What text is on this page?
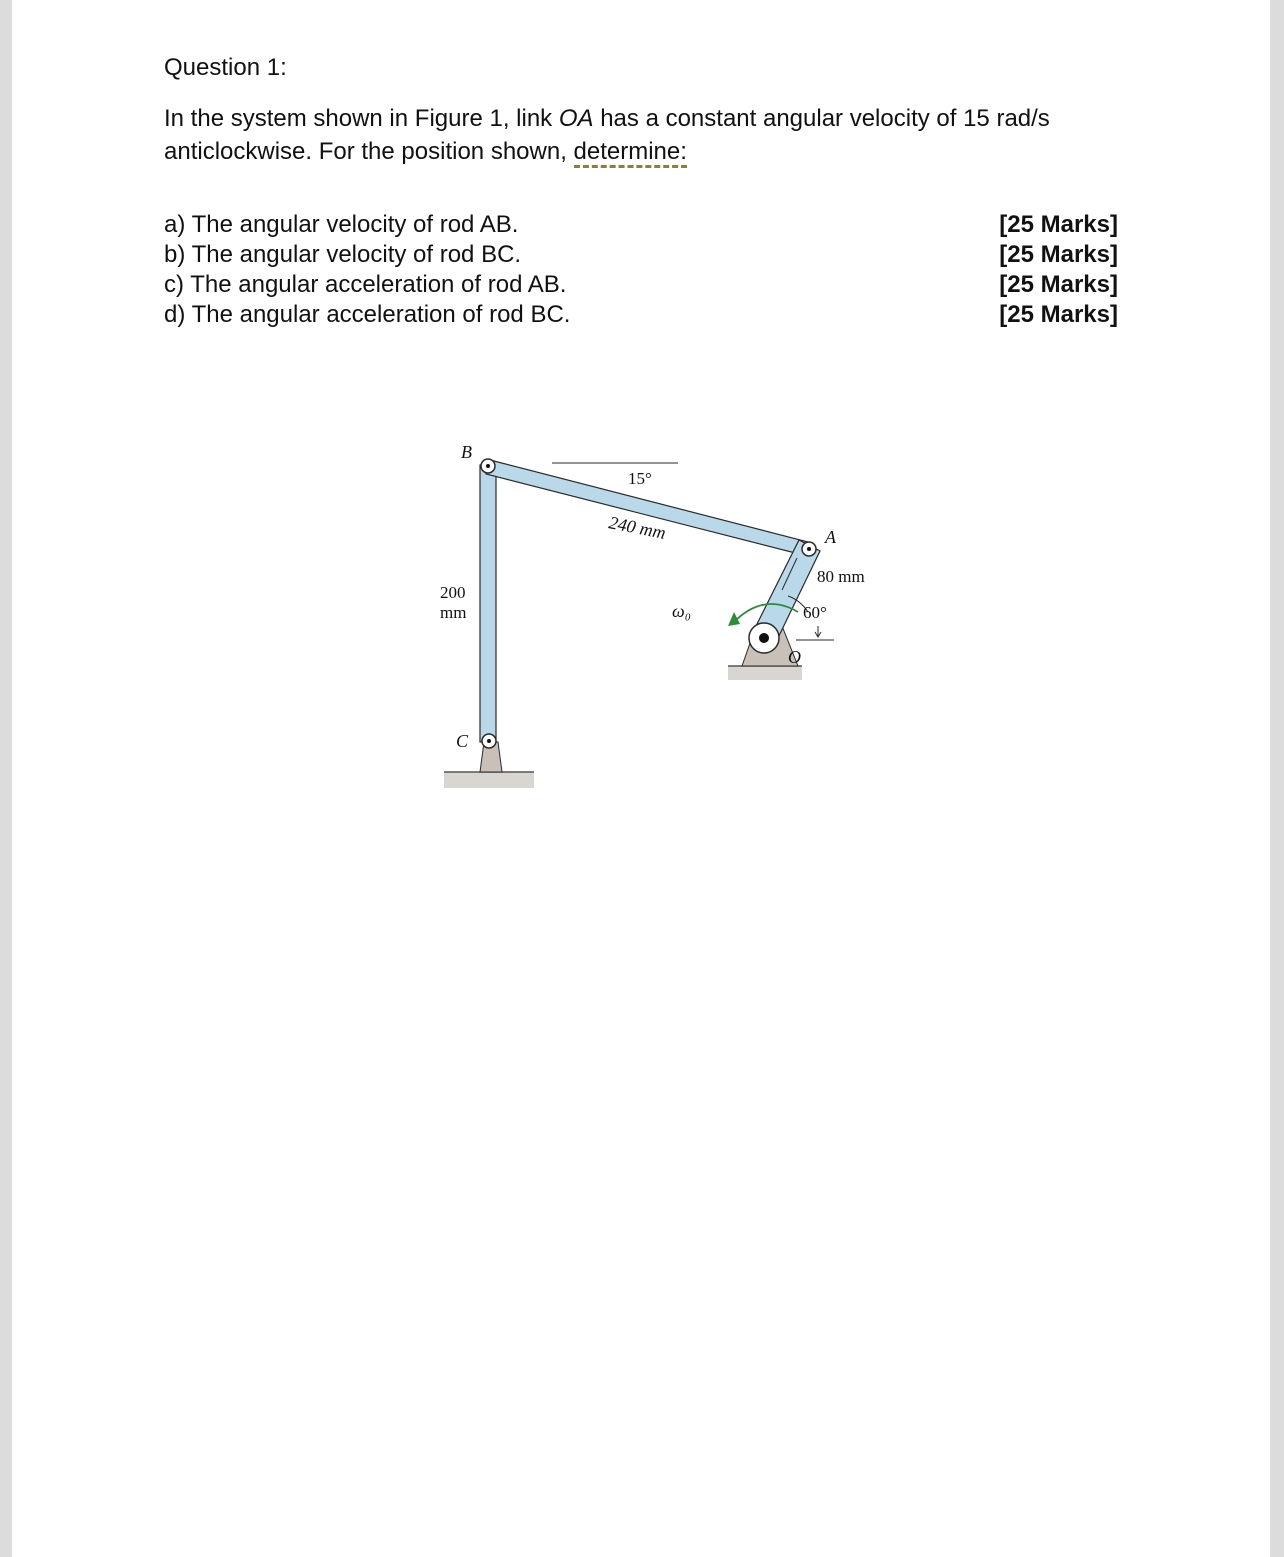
Question 1:
In the system shown in Figure 1, link OA has a constant angular velocity of 15 rad/s anticlockwise. For the position shown, determine:
a) The angular velocity of rod AB.
b) The angular velocity of rod BC.
c) The angular acceleration of rod AB.
d) The angular acceleration of rod BC.
[25 Marks]
[25 Marks]
[25 Marks]
[25 Marks]
B
A
C
O
15°
240 mm
80 mm
200
mm	60°
ω₀
